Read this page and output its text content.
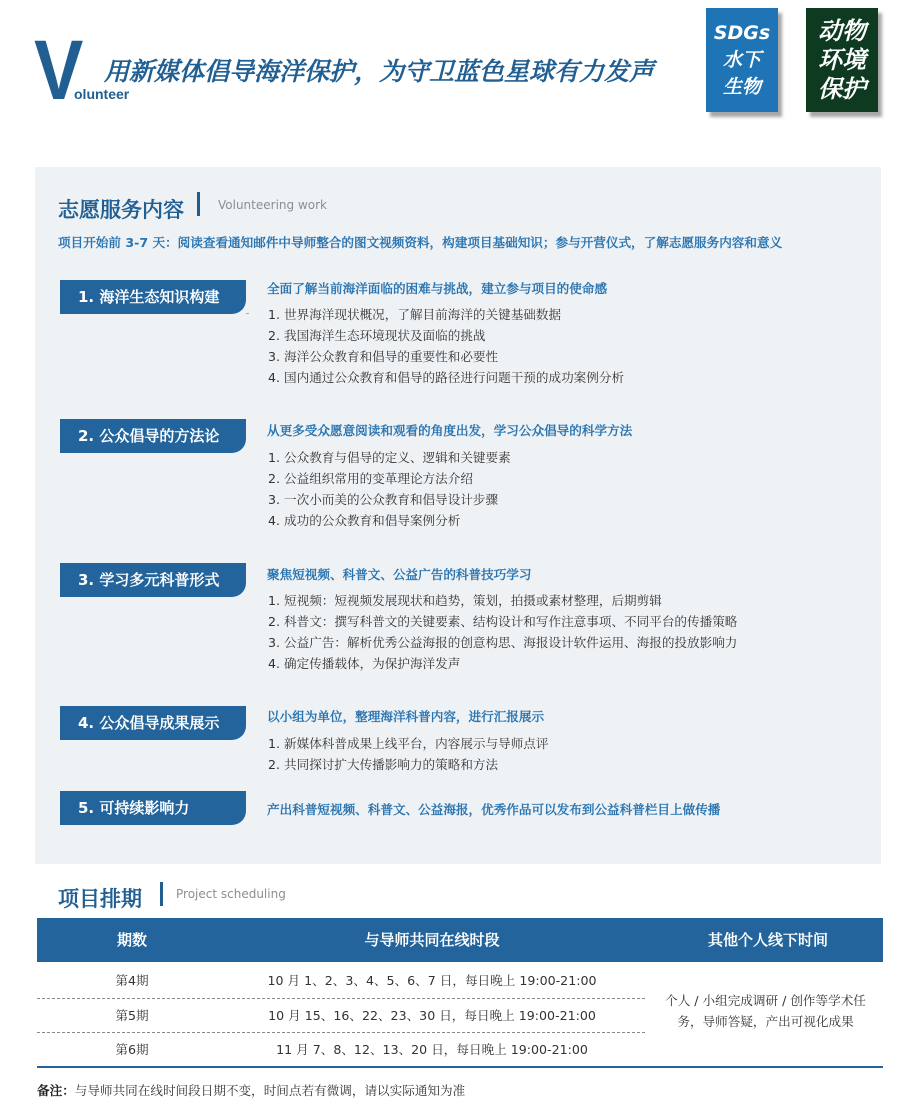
V
olunteer
用新媒体倡导海洋保护，为守卫蓝色星球有力发声
SDGs
水下
生物
动物
环境
保护
志愿服务内容	Volunteering work
项目开始前 3-7 天：阅读查看通知邮件中导师整合的图文视频资料，构建项目基础知识；参与开营仪式，了解志愿服务内容和意义
1. 海洋生态知识构建	全面了解当前海洋面临的困难与挑战，建立参与项目的使命感
1. 世界海洋现状概况，了解目前海洋的关键基础数据
2. 我国海洋生态环境现状及面临的挑战
3. 海洋公众教育和倡导的重要性和必要性
4. 国内通过公众教育和倡导的路径进行问题干预的成功案例分析
2. 公众倡导的方法论	从更多受众愿意阅读和观看的角度出发，学习公众倡导的科学方法
1. 公众教育与倡导的定义、逻辑和关键要素
2. 公益组织常用的变革理论方法介绍
3. 一次小而美的公众教育和倡导设计步骤
4. 成功的公众教育和倡导案例分析
3. 学习多元科普形式	聚焦短视频、科普文、公益广告的科普技巧学习
1. 短视频：短视频发展现状和趋势，策划，拍摄或素材整理，后期剪辑
2. 科普文：撰写科普文的关键要素、结构设计和写作注意事项、不同平台的传播策略
3. 公益广告：解析优秀公益海报的创意构思、海报设计软件运用、海报的投放影响力
4. 确定传播载体，为保护海洋发声
4. 公众倡导成果展示	以小组为单位，整理海洋科普内容，进行汇报展示
1. 新媒体科普成果上线平台，内容展示与导师点评
2. 共同探讨扩大传播影响力的策略和方法
5. 可持续影响力	产出科普短视频、科普文、公益海报，优秀作品可以发布到公益科普栏目上做传播
项目排期	Project scheduling
期数	与导师共同在线时段	其他个人线下时间
第4期	10 月 1、2、3、4、5、6、7 日，每日晚上 19:00-21:00
第5期	10 月 15、16、22、23、30 日，每日晚上 19:00-21:00
第6期	11 月 7、8、12、13、20 日，每日晚上 19:00-21:00
个人 / 小组完成调研 / 创作等学术任
务，导师答疑，产出可视化成果
备注：与导师共同在线时间段日期不变，时间点若有微调，请以实际通知为准
